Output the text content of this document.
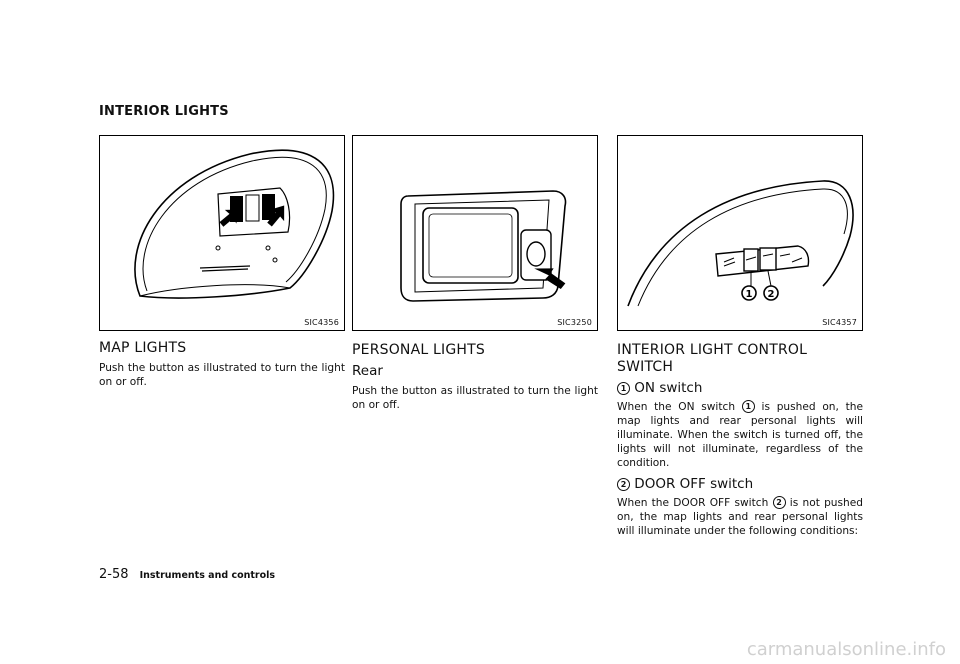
INTERIOR LIGHTS
SIC4356	SIC3250
1 2
SIC4357
MAP LIGHTS

Push the button as illustrated to turn the light on or off.

PERSONAL LIGHTS
Rear

Push the button as illustrated to turn the light on or off.

INTERIOR LIGHT CONTROL SWITCH
1 ON switch

When the ON switch 1 is pushed on, the map lights and rear personal lights will illuminate. When the switch is turned off, the lights will not illuminate, regardless of the condition.

2 DOOR OFF switch

When the DOOR OFF switch 2 is not pushed on, the map lights and rear personal lights will illuminate under the following conditions:

2-58 Instruments and controls
carmanualsonline.info
